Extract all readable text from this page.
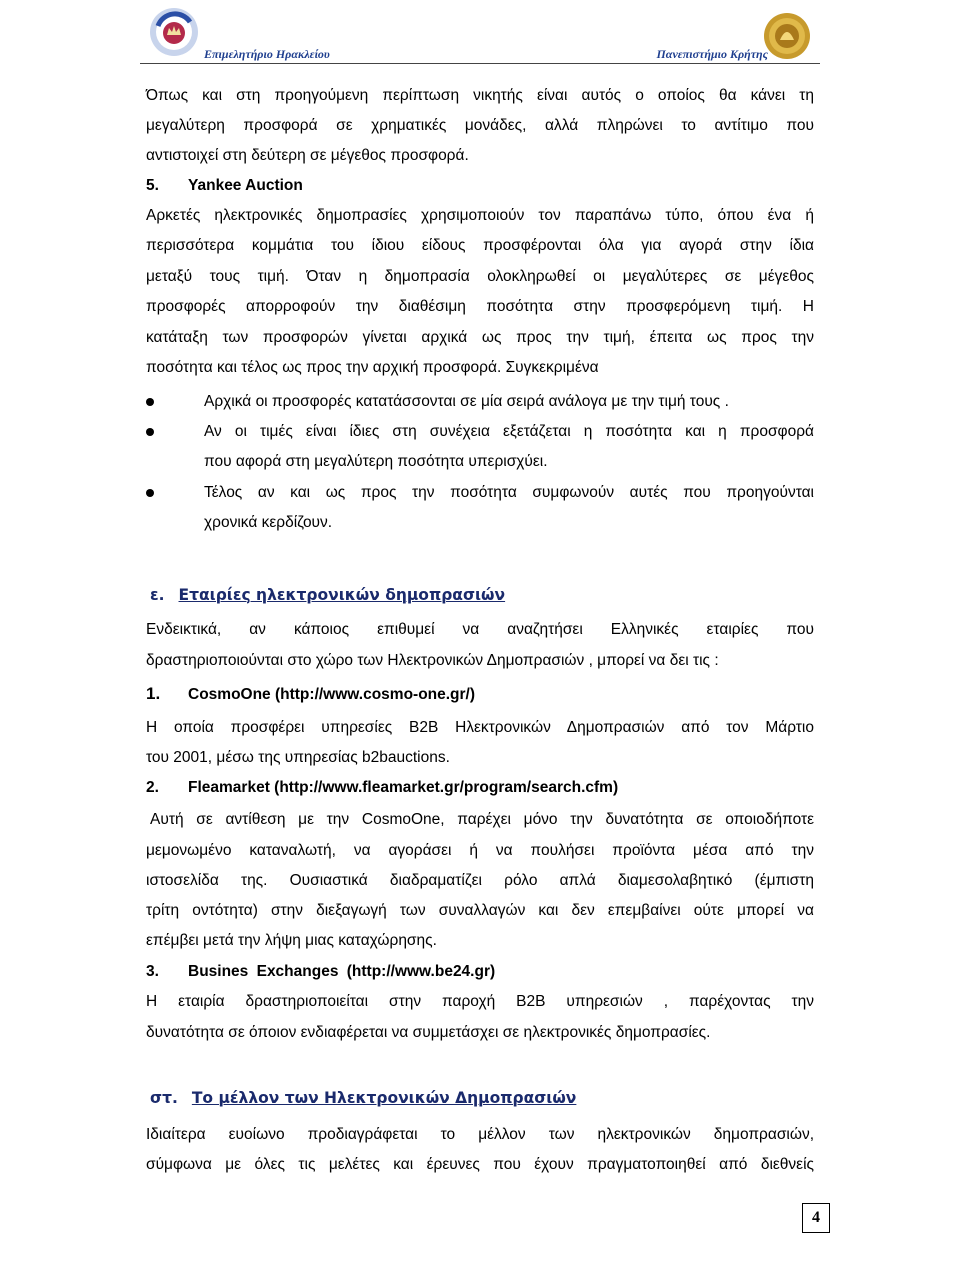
Επιμελητήριο Ηρακλείου	Πανεπιστήμιο Κρήτης
Όπως και στη προηγούμενη περίπτωση νικητής είναι αυτός ο οποίος θα κάνει τη
μεγαλύτερη προσφορά σε χρηματικές μονάδες, αλλά πληρώνει το αντίτιμο που
αντιστοιχεί στη δεύτερη σε μέγεθος προσφορά.
5. Yankee Auction
Αρκετές ηλεκτρονικές δημοπρασίες χρησιμοποιούν τον παραπάνω τύπο, όπου ένα ή
περισσότερα κομμάτια του ίδιου είδους προσφέρονται όλα για αγορά στην ίδια
μεταξύ τους τιμή. Όταν η δημοπρασία ολοκληρωθεί οι μεγαλύτερες σε μέγεθος
προσφορές απορροφούν την διαθέσιμη ποσότητα στην προσφερόμενη τιμή. Η
κατάταξη των προσφορών γίνεται αρχικά ως προς την τιμή, έπειτα ως προς την
ποσότητα και τέλος ως προς την αρχική προσφορά. Συγκεκριμένα
Αρχικά οι προσφορές κατατάσσονται σε μία σειρά ανάλογα με την τιμή τους .
Αν οι τιμές είναι ίδιες στη συνέχεια εξετάζεται η ποσότητα και η προσφορά
που αφορά στη μεγαλύτερη ποσότητα υπερισχύει.
Τέλος αν και ως προς την ποσότητα συμφωνούν αυτές που προηγούνται
χρονικά κερδίζουν.
ε. Εταιρίες ηλεκτρονικών δημοπρασιών
Ενδεικτικά, αν κάποιος επιθυμεί να αναζητήσει Ελληνικές εταιρίες που
δραστηριοποιούνται στο χώρο των Ηλεκτρονικών Δημοπρασιών , μπορεί να δει τις :
1. CosmoOne (http://www.cosmo-one.gr/)
Η οποία προσφέρει υπηρεσίες B2B Ηλεκτρονικών Δημοπρασιών από τον Μάρτιο
του 2001, μέσω της υπηρεσίας b2bauctions.
2. Fleamarket (http://www.fleamarket.gr/program/search.cfm)
Αυτή σε αντίθεση με την CosmoOne, παρέχει μόνο την δυνατότητα σε οποιοδήποτε
μεμονωμένο καταναλωτή, να αγοράσει ή να πουλήσει προϊόντα μέσα από την
ιστοσελίδα της. Ουσιαστικά διαδραματίζει ρόλο απλά διαμεσολαβητικό (έμπιστη
τρίτη οντότητα) στην διεξαγωγή των συναλλαγών και δεν επεμβαίνει ούτε μπορεί να
επέμβει μετά την λήψη μιας καταχώρησης.
3. Busines Exchanges (http://www.be24.gr)
Η εταιρία δραστηριοποιείται στην παροχή B2B υπηρεσιών , παρέχοντας την
δυνατότητα σε όποιον ενδιαφέρεται να συμμετάσχει σε ηλεκτρονικές δημοπρασίες.
στ. Το μέλλον των Ηλεκτρονικών Δημοπρασιών
Ιδιαίτερα ευοίωνο προδιαγράφεται το μέλλον των ηλεκτρονικών δημοπρασιών,
σύμφωνα με όλες τις μελέτες και έρευνες που έχουν πραγματοποιηθεί από διεθνείς
4
